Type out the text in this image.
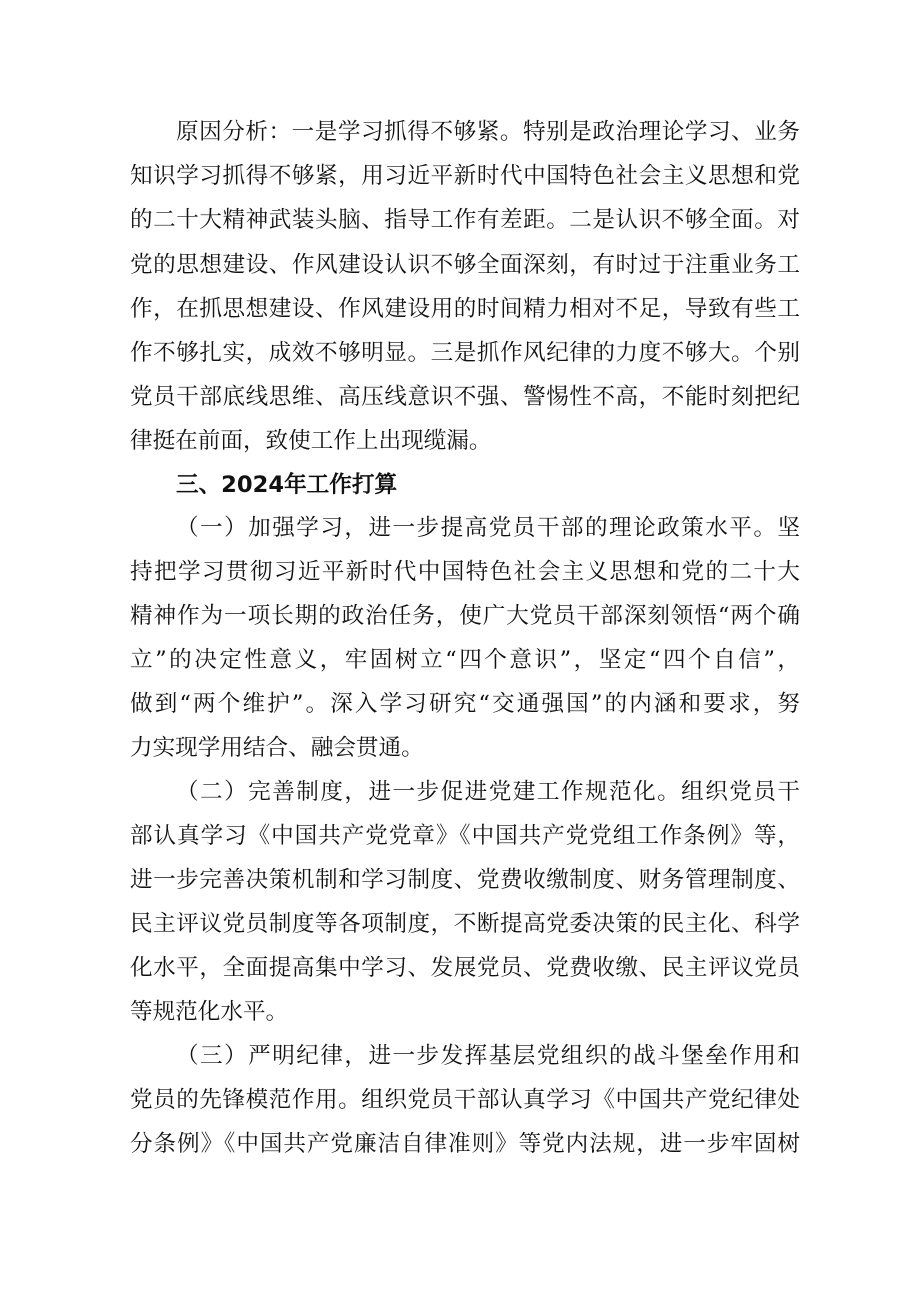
原因分析：一是学习抓得不够紧。特别是政治理论学习、业务
知识学习抓得不够紧，用习近平新时代中国特色社会主义思想和党
的二十大精神武装头脑、指导工作有差距。二是认识不够全面。对
党的思想建设、作风建设认识不够全面深刻，有时过于注重业务工
作，在抓思想建设、作风建设用的时间精力相对不足，导致有些工
作不够扎实，成效不够明显。三是抓作风纪律的力度不够大。个别
党员干部底线思维、高压线意识不强、警惕性不高，不能时刻把纪
律挺在前面，致使工作上出现缆漏。
三、2024年工作打算
（一）加强学习，进一步提高党员干部的理论政策水平。坚
持把学习贯彻习近平新时代中国特色社会主义思想和党的二十大
精神作为一项长期的政治任务，使广大党员干部深刻领悟“两个确
立”的决定性意义，牢固树立“四个意识”，坚定“四个自信”，
做到“两个维护”。深入学习研究“交通强国”的内涵和要求，努
力实现学用结合、融会贯通。
（二）完善制度，进一步促进党建工作规范化。组织党员干
部认真学习《中国共产党党章》《中国共产党党组工作条例》等，
进一步完善决策机制和学习制度、党费收缴制度、财务管理制度、
民主评议党员制度等各项制度，不断提高党委决策的民主化、科学
化水平，全面提高集中学习、发展党员、党费收缴、民主评议党员
等规范化水平。
（三）严明纪律，进一步发挥基层党组织的战斗堡垒作用和
党员的先锋模范作用。组织党员干部认真学习《中国共产党纪律处
分条例》《中国共产党廉洁自律准则》等党内法规，进一步牢固树
